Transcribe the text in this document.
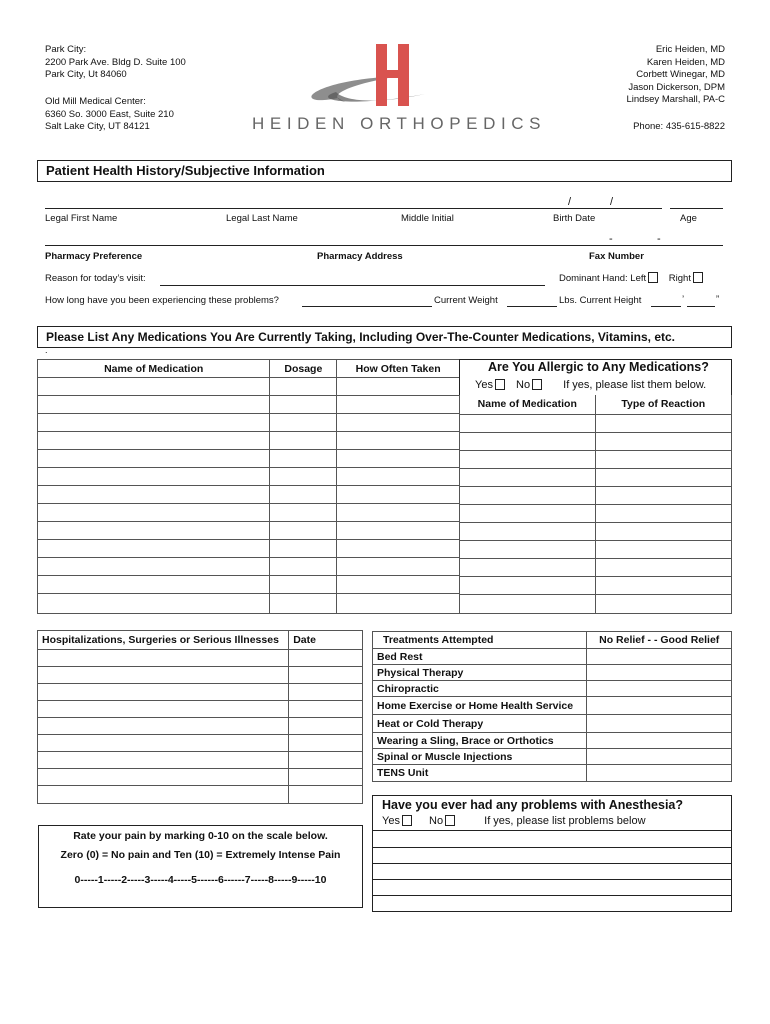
Park City:
2200 Park Ave. Bldg D. Suite 100
Park City, Ut 84060
Old Mill Medical Center:
6360 So. 3000 East, Suite 210
Salt Lake City, UT 84121	HEIDEN ORTHOPEDICS
Eric Heiden, MD
Karen Heiden, MD
Corbett Winegar, MD
Jason Dickerson, DPM
Lindsey Marshall, PA-C
Phone: 435-615-8822
Patient Health History/Subjective Information
/	/
Legal First Name	Legal Last Name	Middle Initial	Birth Date	Age
-	-
Pharmacy Preference	Pharmacy Address	Fax Number
Reason for today’s visit:	Dominant Hand: Left Right
How long have you been experiencing these problems?	Current Weight	Lbs. Current Height	’	”
Please List Any Medications You Are Currently Taking, Including Over-The-Counter Medications, Vitamins, etc.
.
Name of Medication	Dosage	How Often Taken

			Are You Allergic to Any Medications?
Yes No	If yes, please list them below.
Name of Medication	Type of Reaction

Hospitalizations, Surgeries or Serious Illnesses	Date

		Treatments Attempted	No Relief - - Good Relief
Bed Rest	
Physical Therapy	
Chiropractic	
Home Exercise or Home Health Service	
Heat or Cold Therapy	
Wearing a Sling, Brace or Orthotics	
Spinal or Muscle Injections	
TENS Unit	
Rate your pain by marking 0-10 on the scale below.
Zero (0) = No pain and Ten (10) = Extremely Intense Pain
0-----1-----2-----3-----4-----5------6------7-----8-----9-----10
Have you ever had any problems with Anesthesia?
Yes	No	If yes, please list problems below
